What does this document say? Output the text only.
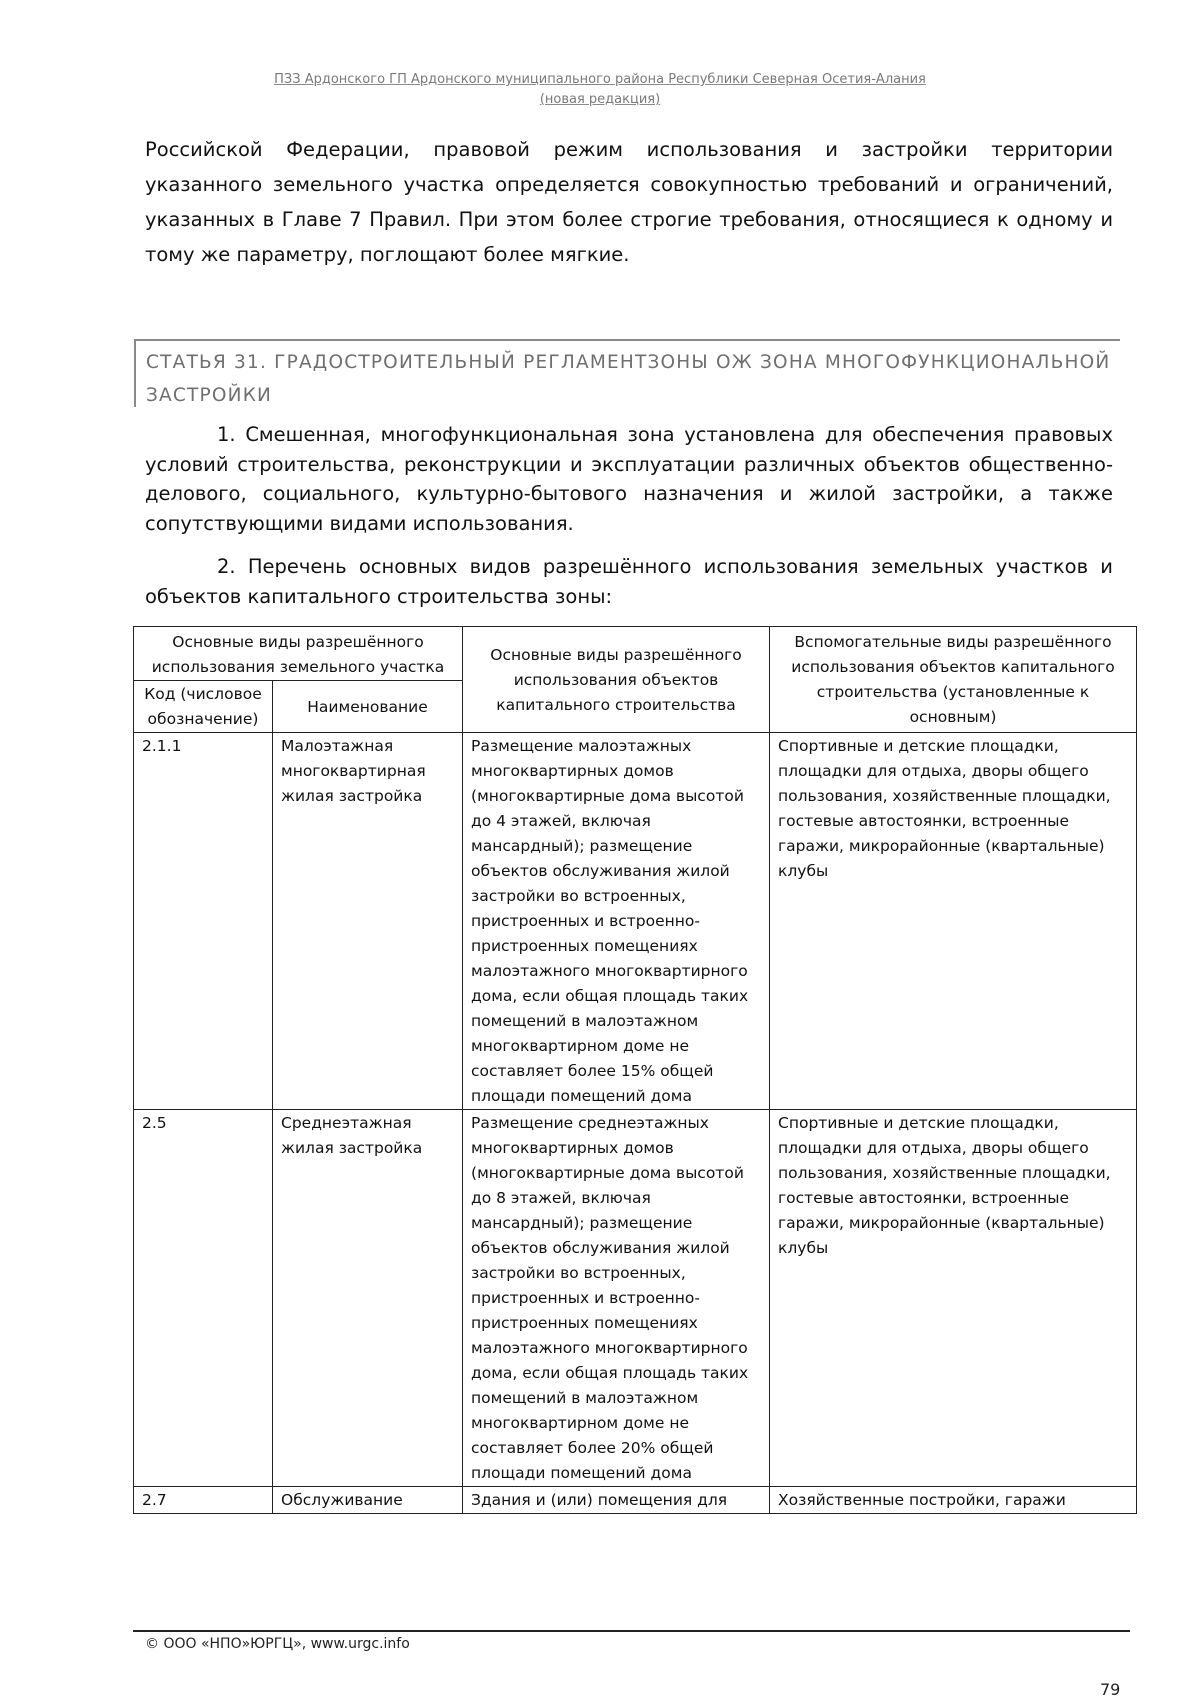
ПЗЗ Ардонского ГП Ардонского муниципального района Республики Северная Осетия-Алания
(новая редакция)
Российской Федерации, правовой режим использования и застройки территории указанного земельного участка определяется совокупностью требований и ограничений, указанных в Главе 7 Правил. При этом более строгие требования, относящиеся к одному и тому же параметру, поглощают более мягкие.
СТАТЬЯ 31. ГРАДОСТРОИТЕЛЬНЫЙ РЕГЛАМЕНТЗОНЫ ОЖ ЗОНА МНОГОФУНКЦИОНАЛЬНОЙ ЗАСТРОЙКИ
1. Смешенная, многофункциональная зона установлена для обеспечения правовых условий строительства, реконструкции и эксплуатации различных объектов общественно-делового, социального, культурно-бытового назначения и жилой застройки, а также сопутствующими видами использования.
2. Перечень основных видов разрешённого использования земельных участков и объектов капитального строительства зоны:
Основные виды разрешённого использования земельного участка		Основные виды разрешённого использования объектов капитального строительства	Вспомогательные виды разрешённого использования объектов капитального строительства (установленные к основным)
Код (числовое обозначение)	Наименование		
2.1.1	Малоэтажная многоквартирная жилая застройка	Размещение малоэтажных многоквартирных домов (многоквартирные дома высотой до 4 этажей, включая мансардный); размещение объектов обслуживания жилой застройки во встроенных, пристроенных и встроенно-пристроенных помещениях малоэтажного многоквартирного дома, если общая площадь таких помещений в малоэтажном многоквартирном доме не составляет более 15% общей площади помещений дома	Спортивные и детские площадки, площадки для отдыха, дворы общего пользования, хозяйственные площадки, гостевые автостоянки, встроенные гаражи, микрорайонные (квартальные) клубы
2.5	Среднеэтажная жилая застройка	Размещение среднеэтажных многоквартирных домов (многоквартирные дома высотой до 8 этажей, включая мансардный); размещение объектов обслуживания жилой застройки во встроенных, пристроенных и встроенно-пристроенных помещениях малоэтажного многоквартирного дома, если общая площадь таких помещений в малоэтажном многоквартирном доме не составляет более 20% общей площади помещений дома	Спортивные и детские площадки, площадки для отдыха, дворы общего пользования, хозяйственные площадки, гостевые автостоянки, встроенные гаражи, микрорайонные (квартальные) клубы
2.7	Обслуживание	Здания и (или) помещения для	Хозяйственные постройки, гаражи
© ООО «НПО»ЮРГЦ», www.urgc.info
79
